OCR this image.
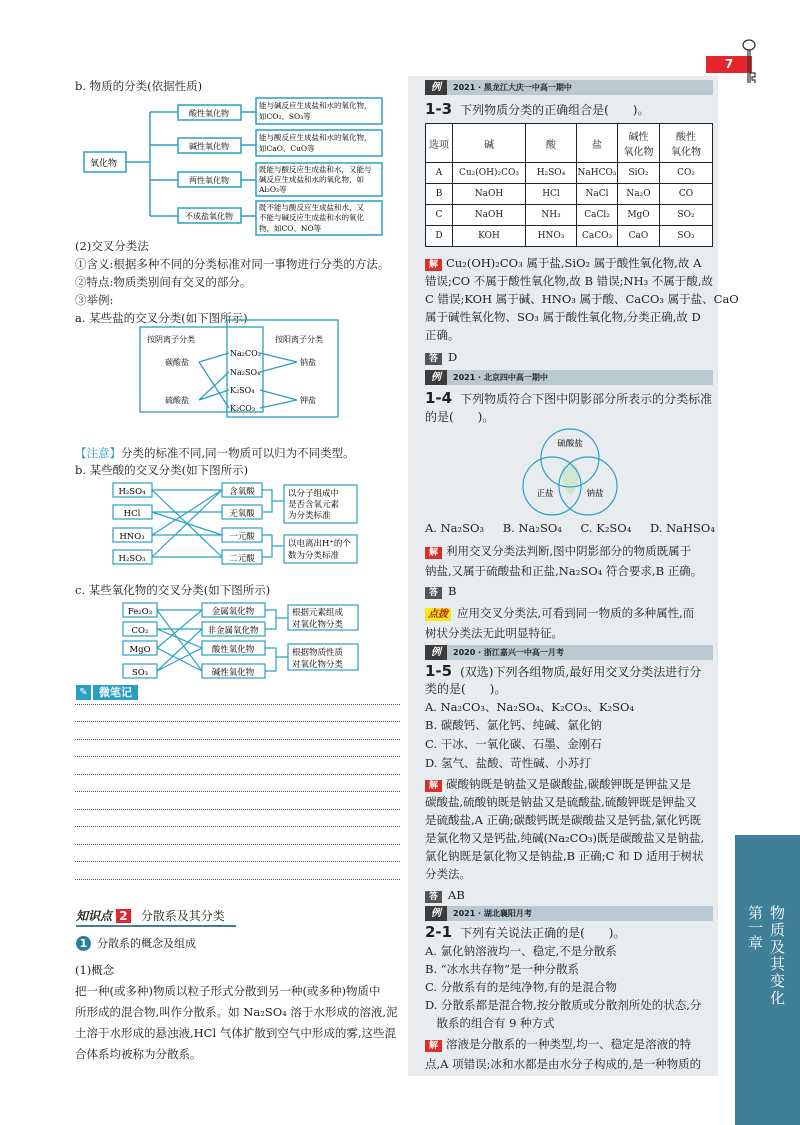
7
第一章 物质及其变化
b. 物质的分类(依据性质)
氧化物
酸性氧化物
碱性氧化物
两性氧化物
不成盐氧化物
能与碱反应生成盐和水的氧化物，
如CO₂、SO₃等
能与酸反应生成盐和水的氧化物，
如CaO、CuO等
既能与酸反应生成盐和水，又能与
碱反应生成盐和水的氧化物，如
Al₂O₃等
既不能与酸反应生成盐和水，又
不能与碱反应生成盐和水的氧化
物，如CO、NO等
(2)交叉分类法
①含义:根据多种不同的分类标准对同一事物进行分类的方法。
②特点:物质类别间有交叉的部分。
③举例:
a. 某些盐的交叉分类(如下图所示)
按阴离子分类	按阳离子分类
碳酸盐
硫酸盐
Na₂CO₃
Na₂SO₄
K₂SO₄
K₂CO₃
钠盐
钾盐
【注意】分类的标准不同,同一物质可以归为不同类型。
b. 某些酸的交叉分类(如下图所示)
H₂SO₄
HCl
HNO₃
H₂SO₃
含氧酸
无氧酸
一元酸
二元酸
以分子组成中
是否含氧元素
为分类标准
以电离出H⁺的个
数为分类标准
c. 某些氧化物的交叉分类(如下图所示)
Fe₂O₃
CO₂
MgO
SO₃
金属氧化物
非金属氧化物
酸性氧化物
碱性氧化物
根据元素组成
对氧化物分类
根据物质性质
对氧化物分类
✎	微笔记
知识点 2 分散系及其分类
1 分散系的概念及组成
(1)概念
把一种(或多种)物质以粒子形式分散到另一种(或多种)物质中
所形成的混合物,叫作分散系。如 Na₂SO₄ 溶于水形成的溶液,泥
土溶于水形成的悬浊液,HCl 气体扩散到空气中形成的雾,这些混
合体系均被称为分散系。
例	2021 · 黑龙江大庆一中高一期中
1-3 下列物质分类的正确组合是(　　)。
选项	碱	酸	盐	碱性
氧化物	酸性
氧化物
A	Cu₂(OH)₂CO₃	H₂SO₄	NaHCO₃	SiO₂	CO₂
B	NaOH	HCl	NaCl	Na₂O	CO
C	NaOH	NH₃	CaCl₂	MgO	SO₂
D	KOH	HNO₃	CaCO₃	CaO	SO₃
解 Cu₂(OH)₂CO₃ 属于盐,SiO₂ 属于酸性氧化物,故 A
错误;CO 不属于酸性氧化物,故 B 错误;NH₃ 不属于酸,故
C 错误;KOH 属于碱、HNO₃ 属于酸、CaCO₃ 属于盐、CaO
属于碱性氧化物、SO₃ 属于酸性氧化物,分类正确,故 D
正确。
答 D
例	2021 · 北京四中高一期中
1-4 下列物质符合下图中阴影部分所表示的分类标准
的是(　　)。
硫酸盐
正盐	钠盐
A. Na₂SO₃ B. Na₂SO₄ C. K₂SO₄ D. NaHSO₄
解 利用交叉分类法判断,图中阴影部分的物质既属于
钠盐,又属于硫酸盐和正盐,Na₂SO₄ 符合要求,B 正确。
答 B
点拨 应用交叉分类法,可看到同一物质的多种属性,而
树状分类法无此明显特征。
例	2020 · 浙江嘉兴一中高一月考
1-5 (双选)下列各组物质,最好用交叉分类法进行分
类的是(　　)。
A. Na₂CO₃、Na₂SO₄、K₂CO₃、K₂SO₄
B. 碳酸钙、氯化钙、纯碱、氯化钠
C. 干冰、一氧化碳、石墨、金刚石
D. 氢气、盐酸、苛性碱、小苏打
解 碳酸钠既是钠盐又是碳酸盐,碳酸钾既是钾盐又是
碳酸盐,硫酸钠既是钠盐又是硫酸盐,硫酸钾既是钾盐又
是硫酸盐,A 正确;碳酸钙既是碳酸盐又是钙盐,氯化钙既
是氯化物又是钙盐,纯碱(Na₂CO₃)既是碳酸盐又是钠盐,
氯化钠既是氯化物又是钠盐,B 正确;C 和 D 适用于树状
分类法。
答 AB
例	2021 · 湖北襄阳月考
2-1 下列有关说法正确的是(　　)。
A. 氯化钠溶液均一、稳定,不是分散系
B. “冰水共存物”是一种分散系
C. 分散系有的是纯净物,有的是混合物
D. 分散系都是混合物,按分散质或分散剂所处的状态,分
　散系的组合有 9 种方式
解 溶液是分散系的一种类型,均一、稳定是溶液的特
点,A 项错误;冰和水都是由水分子构成的,是一种物质的
